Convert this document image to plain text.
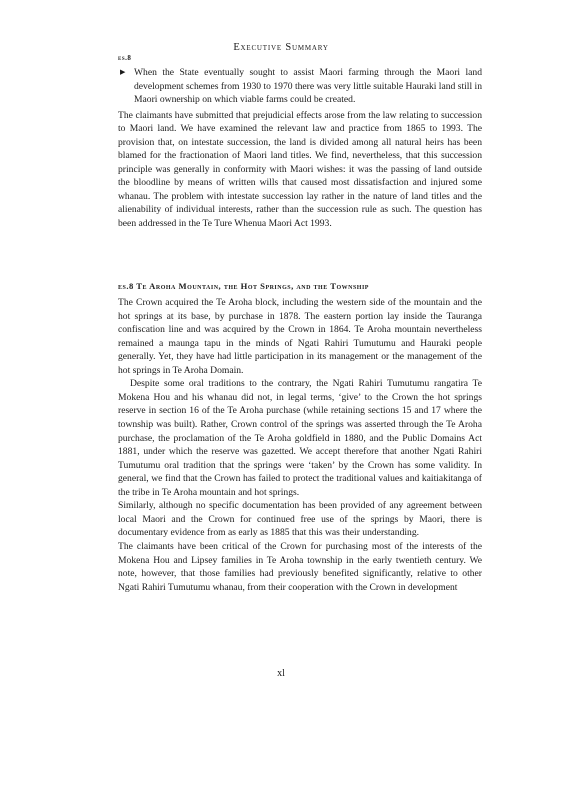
Executive Summary
es.8
▶ When the State eventually sought to assist Maori farming through the Maori land development schemes from 1930 to 1970 there was very little suitable Hauraki land still in Maori ownership on which viable farms could be created.

The claimants have submitted that prejudicial effects arose from the law relating to succession to Maori land. We have examined the relevant law and practice from 1865 to 1993. The provision that, on intestate succession, the land is divided among all natural heirs has been blamed for the fractionation of Maori land titles. We find, nevertheless, that this succession principle was generally in conformity with Maori wishes: it was the passing of land outside the bloodline by means of written wills that caused most dissatisfaction and injured some whanau. The problem with intestate succession lay rather in the nature of land titles and the alienability of individual interests, rather than the succession rule as such. The question has been addressed in the Te Ture Whenua Maori Act 1993.

es.8 Te Aroha Mountain, the Hot Springs, and the Township

The Crown acquired the Te Aroha block, including the western side of the mountain and the hot springs at its base, by purchase in 1878. The eastern portion lay inside the Tauranga confiscation line and was acquired by the Crown in 1864. Te Aroha mountain nevertheless remained a maunga tapu in the minds of Ngati Rahiri Tumutumu and Hauraki people generally. Yet, they have had little participation in its management or the management of the hot springs in Te Aroha Domain.

Despite some oral traditions to the contrary, the Ngati Rahiri Tumutumu rangatira Te Mokena Hou and his whanau did not, in legal terms, ‘give’ to the Crown the hot springs reserve in section 16 of the Te Aroha purchase (while retaining sections 15 and 17 where the township was built). Rather, Crown control of the springs was asserted through the Te Aroha purchase, the proclamation of the Te Aroha goldfield in 1880, and the Public Domains Act 1881, under which the reserve was gazetted. We accept therefore that another Ngati Rahiri Tumutumu oral tradition that the springs were ‘taken’ by the Crown has some validity. In general, we find that the Crown has failed to protect the traditional values and kaitiakitanga of the tribe in Te Aroha mountain and hot springs.

Similarly, although no specific documentation has been provided of any agreement between local Maori and the Crown for continued free use of the springs by Maori, there is documentary evidence from as early as 1885 that this was their understanding.

The claimants have been critical of the Crown for purchasing most of the interests of the Mokena Hou and Lipsey families in Te Aroha township in the early twentieth century. We note, however, that those families had previously benefited significantly, relative to other Ngati Rahiri Tumutumu whanau, from their cooperation with the Crown in development

xl
